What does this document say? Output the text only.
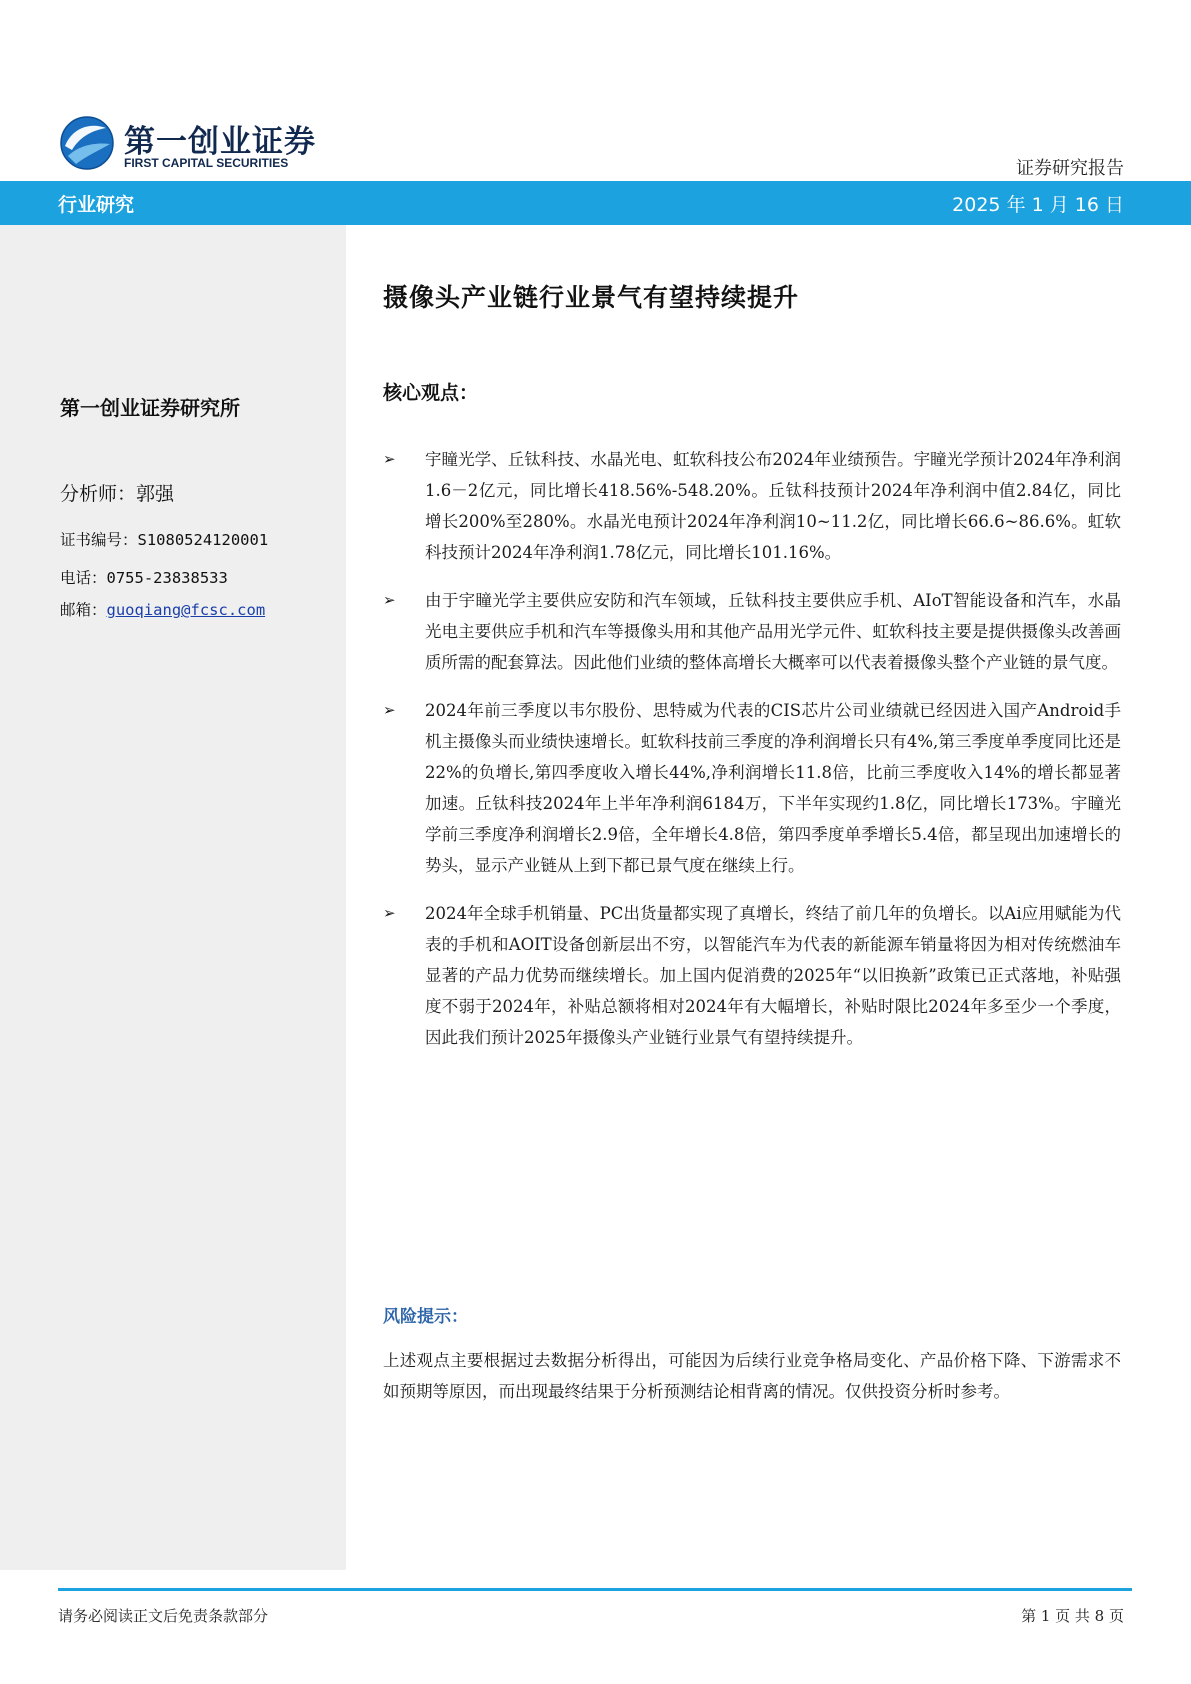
第一创业证券
FIRST CAPITAL SECURITIES	证券研究报告
行业研究	2025 年 1 月 16 日
第一创业证券研究所
分析师：郭强
证书编号：S1080524120001
电话：0755-23838533
邮箱：guoqiang@fcsc.com
摄像头产业链行业景气有望持续提升
核心观点：
➢ 宇瞳光学、丘钛科技、水晶光电、虹软科技公布2024年业绩预告。宇瞳光学预计2024年净利润1.6－2亿元，同比增长418.56%-548.20%。丘钛科技预计2024年净利润中值2.84亿，同比增长200%至280%。水晶光电预计2024年净利润10~11.2亿，同比增长66.6~86.6%。虹软科技预计2024年净利润1.78亿元，同比增长101.16%。
➢ 由于宇瞳光学主要供应安防和汽车领域，丘钛科技主要供应手机、AIoT智能设备和汽车，水晶光电主要供应手机和汽车等摄像头用和其他产品用光学元件、虹软科技主要是提供摄像头改善画质所需的配套算法。因此他们业绩的整体高增长大概率可以代表着摄像头整个产业链的景气度。
➢ 2024年前三季度以韦尔股份、思特威为代表的CIS芯片公司业绩就已经因进入国产Android手机主摄像头而业绩快速增长。虹软科技前三季度的净利润增长只有4%,第三季度单季度同比还是22%的负增长,第四季度收入增长44%,净利润增长11.8倍，比前三季度收入14%的增长都显著加速。丘钛科技2024年上半年净利润6184万，下半年实现约1.8亿，同比增长173%。宇瞳光学前三季度净利润增长2.9倍，全年增长4.8倍，第四季度单季增长5.4倍，都呈现出加速增长的势头，显示产业链从上到下都已景气度在继续上行。
➢ 2024年全球手机销量、PC出货量都实现了真增长，终结了前几年的负增长。以Ai应用赋能为代表的手机和AOIT设备创新层出不穷，以智能汽车为代表的新能源车销量将因为相对传统燃油车显著的产品力优势而继续增长。加上国内促消费的2025年“以旧换新”政策已正式落地，补贴强度不弱于2024年，补贴总额将相对2024年有大幅增长，补贴时限比2024年多至少一个季度，因此我们预计2025年摄像头产业链行业景气有望持续提升。
风险提示：
上述观点主要根据过去数据分析得出，可能因为后续行业竞争格局变化、产品价格下降、下游需求不如预期等原因，而出现最终结果于分析预测结论相背离的情况。仅供投资分析时参考。
请务必阅读正文后免责条款部分	第 1 页 共 8 页
